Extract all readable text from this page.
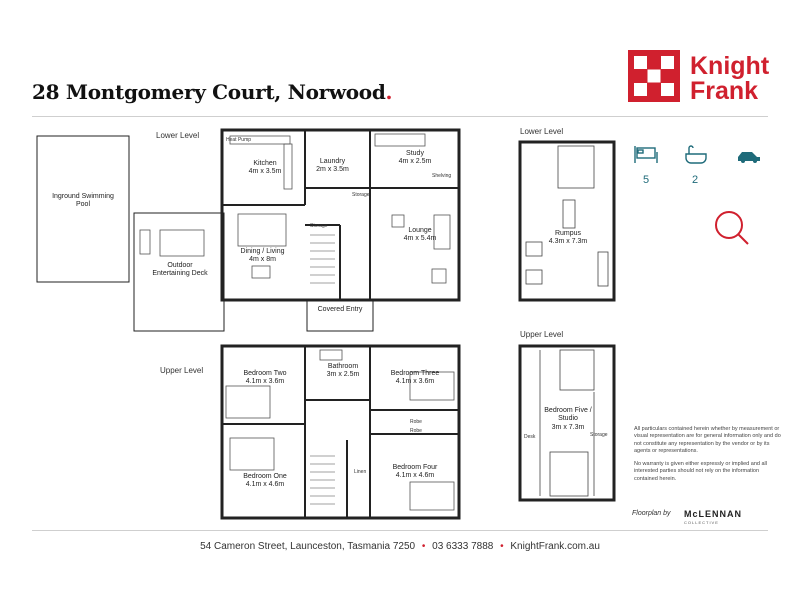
28 Montgomery Court, Norwood.
Knight
Frank
Lower Level
Upper Level
Inground Swimming Pool
Outdoor Entertaining Deck
Kitchen
4m x 3.5m
Laundry
2m x 3.5m
Study
4m x 2.5m
Dining / Living
4m x 8m
Lounge
4m x 5.4m
Covered Entry
Heat Pump
Storage
Storage
Shelving
Bedroom Two
4.1m x 3.6m
Bathroom
3m x 2.5m	Bedroom Three
4.1m x 3.6m
Bedroom One
4.1m x 4.6m
Bedroom Four
4.1m x 4.6m
Robe
Robe
Linen
Lower Level
Upper Level
Rumpus
4.3m x 7.3m
Bedroom Five / Studio
3m x 7.3m
Desk	Storage
5	2

All particulars contained herein whether by measurement or visual representation are for general information only and do not constitute any representation by the vendor or by its agents or representations.

No warranty is given either expressly or implied and all interested parties should not rely on the information contained herein.

Floorplan by McLENNAN
COLLECTIVE
54 Cameron Street, Launceston, Tasmania 7250 • 03 6333 7888 • KnightFrank.com.au
